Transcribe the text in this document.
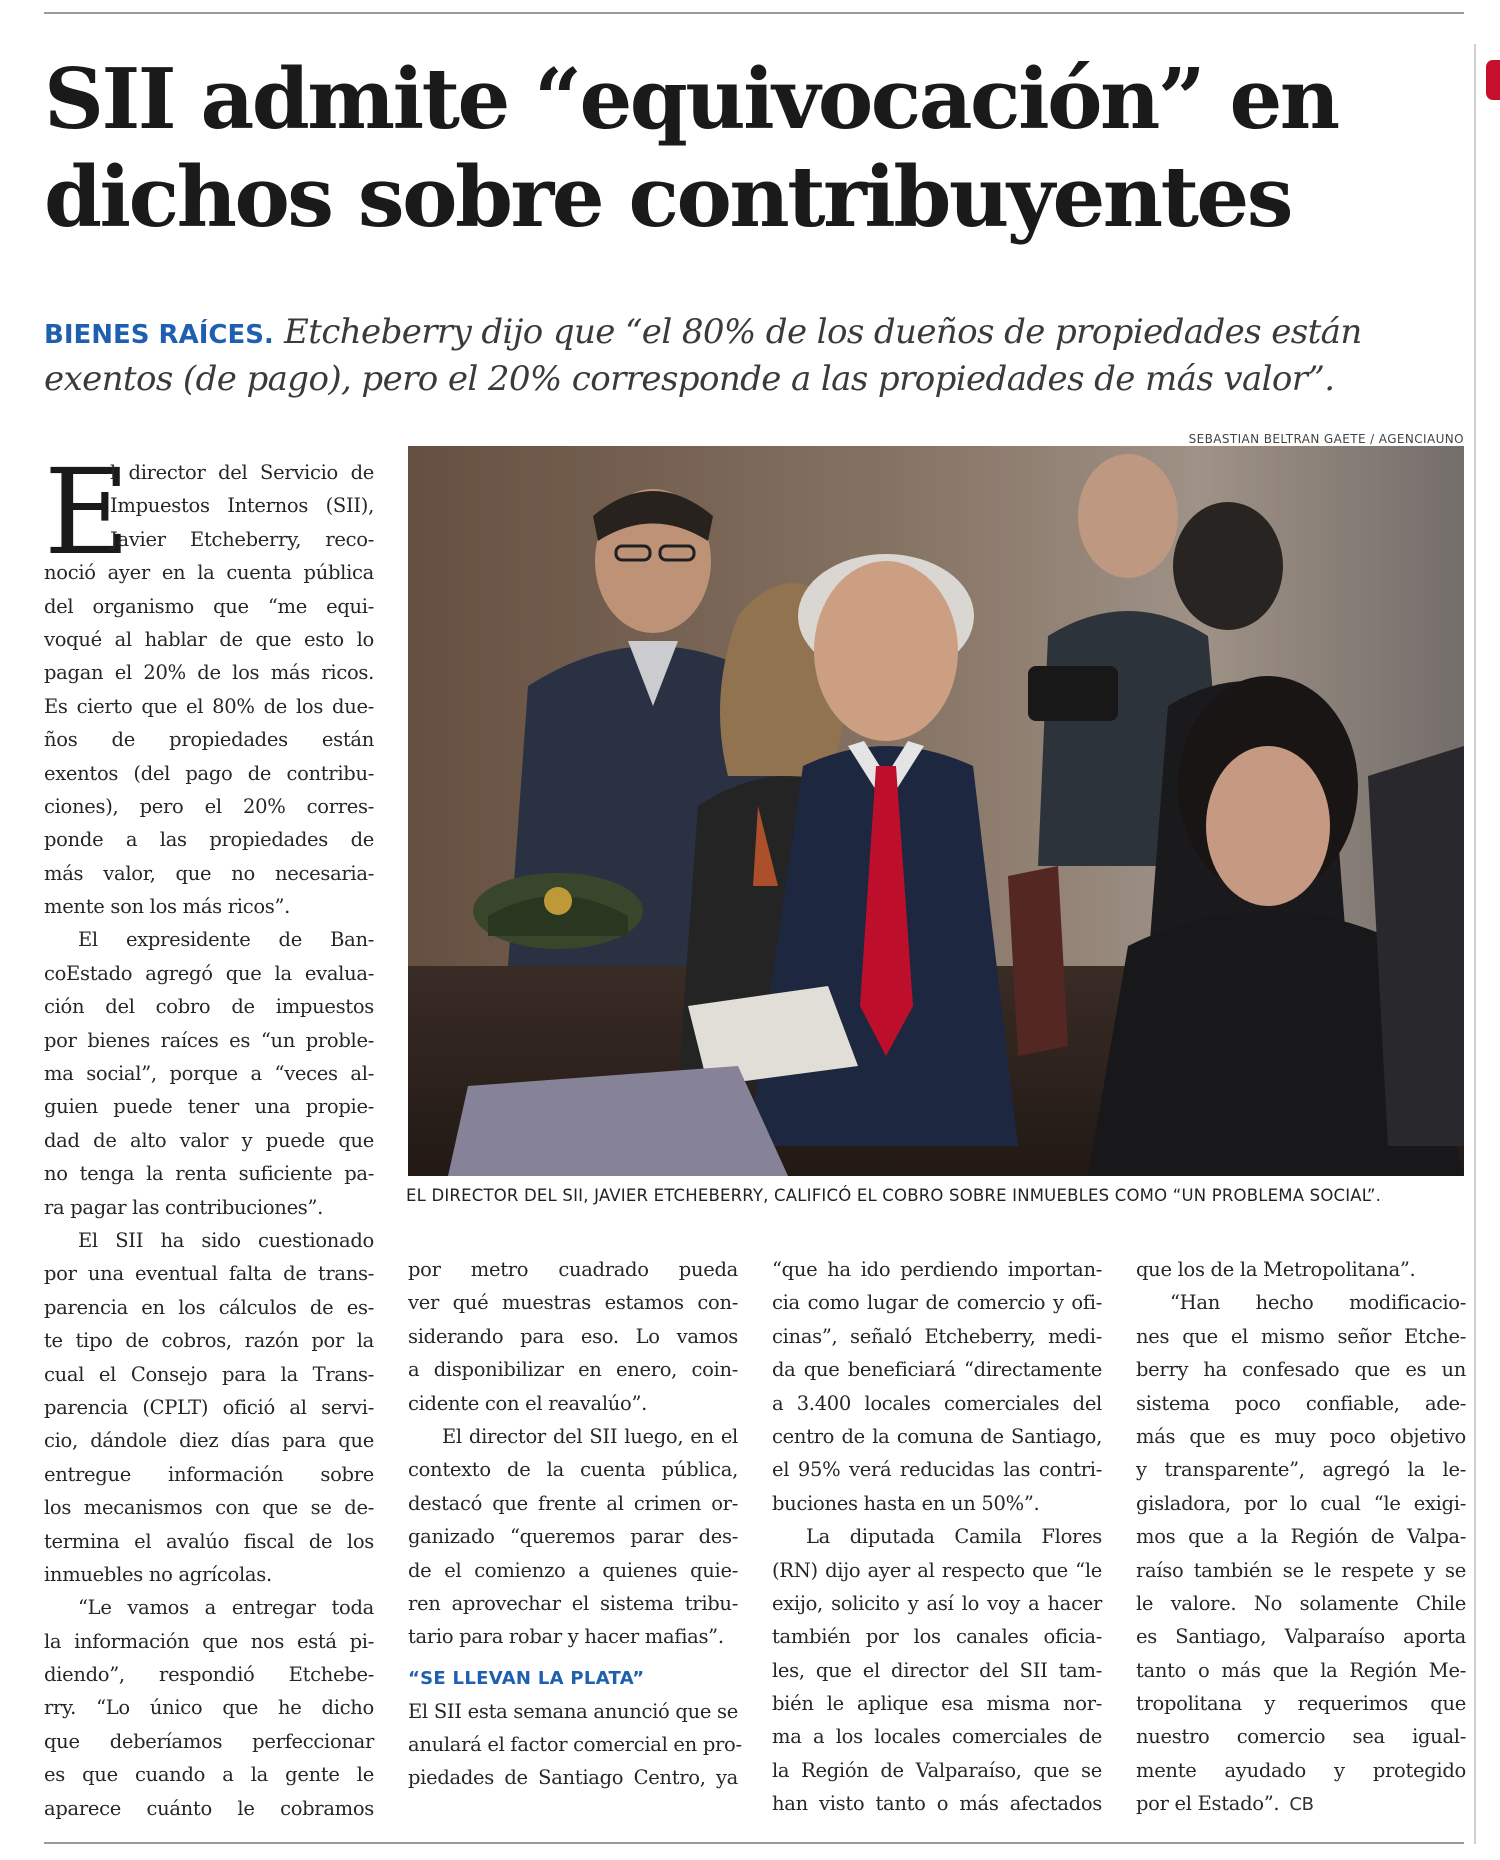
SII admite “equivocación” en
dichos sobre contribuyentes
BIENES RAÍCES. Etcheberry dijo que “el 80% de los dueños de propiedades están
exentos (de pago), pero el 20% corresponde a las propiedades de más valor”.
SEBASTIAN BELTRAN GAETE / AGENCIAUNO
EL DIRECTOR DEL SII, JAVIER ETCHEBERRY, CALIFICÓ EL COBRO SOBRE INMUEBLES COMO “UN PROBLEMA SOCIAL”.
E
l director del Servicio de
Impuestos Internos (SII),
Javier Etcheberry, reco-
noció ayer en la cuenta pública
del organismo que “me equi-
voqué al hablar de que esto lo
pagan el 20% de los más ricos.
Es cierto que el 80% de los due-
ños de propiedades están
exentos (del pago de contribu-
ciones), pero el 20% corres-
ponde a las propiedades de
más valor, que no necesaria-
mente son los más ricos”.
El expresidente de Ban-
coEstado agregó que la evalua-
ción del cobro de impuestos
por bienes raíces es “un proble-
ma social”, porque a “veces al-
guien puede tener una propie-
dad de alto valor y puede que
no tenga la renta suficiente pa-
ra pagar las contribuciones”.
El SII ha sido cuestionado
por una eventual falta de trans-
parencia en los cálculos de es-
te tipo de cobros, razón por la
cual el Consejo para la Trans-
parencia (CPLT) ofició al servi-
cio, dándole diez días para que
entregue información sobre
los mecanismos con que se de-
termina el avalúo fiscal de los
inmuebles no agrícolas.
“Le vamos a entregar toda
la información que nos está pi-
diendo”, respondió Etchebe-
rry. “Lo único que he dicho
que deberíamos perfeccionar
es que cuando a la gente le
aparece cuánto le cobramos
por metro cuadrado pueda
ver qué muestras estamos con-
siderando para eso. Lo vamos
a disponibilizar en enero, coin-
cidente con el reavalúo”.
El director del SII luego, en el
contexto de la cuenta pública,
destacó que frente al crimen or-
ganizado “queremos parar des-
de el comienzo a quienes quie-
ren aprovechar el sistema tribu-
tario para robar y hacer mafias”.
“SE LLEVAN LA PLATA”
El SII esta semana anunció que se
anulará el factor comercial en pro-
piedades de Santiago Centro, ya
“que ha ido perdiendo importan-
cia como lugar de comercio y ofi-
cinas”, señaló Etcheberry, medi-
da que beneficiará “directamente
a 3.400 locales comerciales del
centro de la comuna de Santiago,
el 95% verá reducidas las contri-
buciones hasta en un 50%”.
La diputada Camila Flores
(RN) dijo ayer al respecto que “le
exijo, solicito y así lo voy a hacer
también por los canales oficia-
les, que el director del SII tam-
bién le aplique esa misma nor-
ma a los locales comerciales de
la Región de Valparaíso, que se
han visto tanto o más afectados
que los de la Metropolitana”.
“Han hecho modificacio-
nes que el mismo señor Etche-
berry ha confesado que es un
sistema poco confiable, ade-
más que es muy poco objetivo
y transparente”, agregó la le-
gisladora, por lo cual “le exigi-
mos que a la Región de Valpa-
raíso también se le respete y se
le valore. No solamente Chile
es Santiago, Valparaíso aporta
tanto o más que la Región Me-
tropolitana y requerimos que
nuestro comercio sea igual-
mente ayudado y protegido
por el Estado”. CB
